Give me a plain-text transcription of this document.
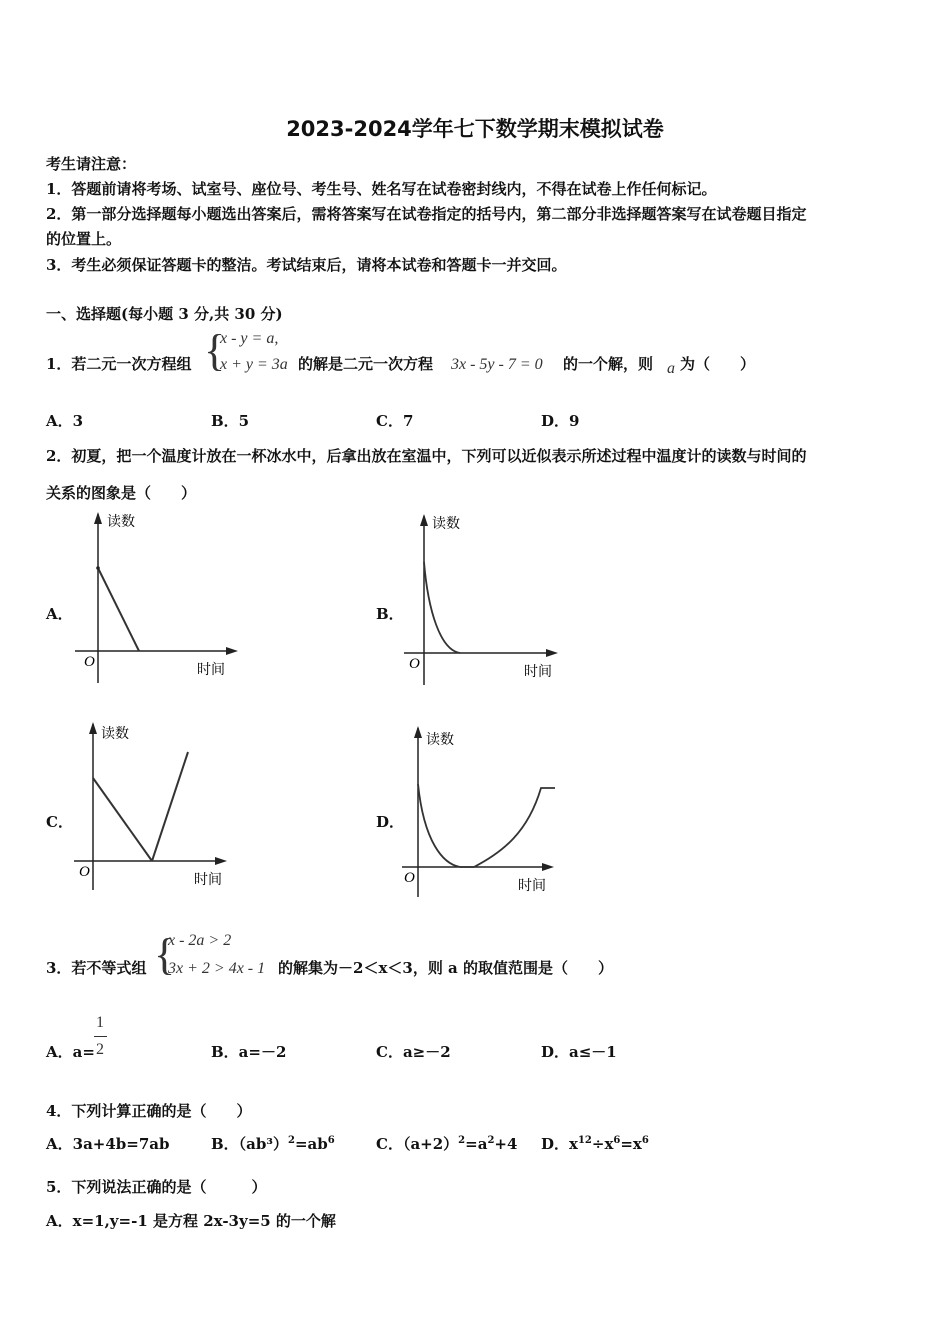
2023-2024学年七下数学期末模拟试卷
考生请注意：
1．答题前请将考场、试室号、座位号、考生号、姓名写在试卷密封线内，不得在试卷上作任何标记。
2．第一部分选择题每小题选出答案后，需将答案写在试卷指定的括号内，第二部分非选择题答案写在试卷题目指定
的位置上。
3．考生必须保证答题卡的整洁。考试结束后，请将本试卷和答题卡一并交回。
一、选择题(每小题 3 分,共 30 分)
1．若二元一次方程组 {
x - y = a,
x + y = 3a 的解是二元一次方程 3x - 5y - 7 = 0 的一个解，则 a 为（　　）
A．3	B．5	C．7	D．9
2．初夏，把一个温度计放在一杯冰水中，后拿出放在室温中，下列可以近似表示所述过程中温度计的读数与时间的
关系的图象是（　　）
A．	B．
C．	D．
读数
时间
O
读数
时间
O
读数
时间
O
读数
时间
O
3．若不等式组 {
x - 2a > 2
3x + 2 > 4x - 1 的解集为－2＜x＜3，则 a 的取值范围是（　　）
A．a=
1
2	B．a=－2	C．a≥－2	D．a≤－1
4．下列计算正确的是（　　）
A．3a+4b=7ab	B．$(ab^3)^2=ab^6$	C．$(a+2)^2=a^2+4$ D．$x^{12}\div x^6=x^6$
5．下列说法正确的是（　　　）
A．x=1,y=-1 是方程 2x-3y=5 的一个解
